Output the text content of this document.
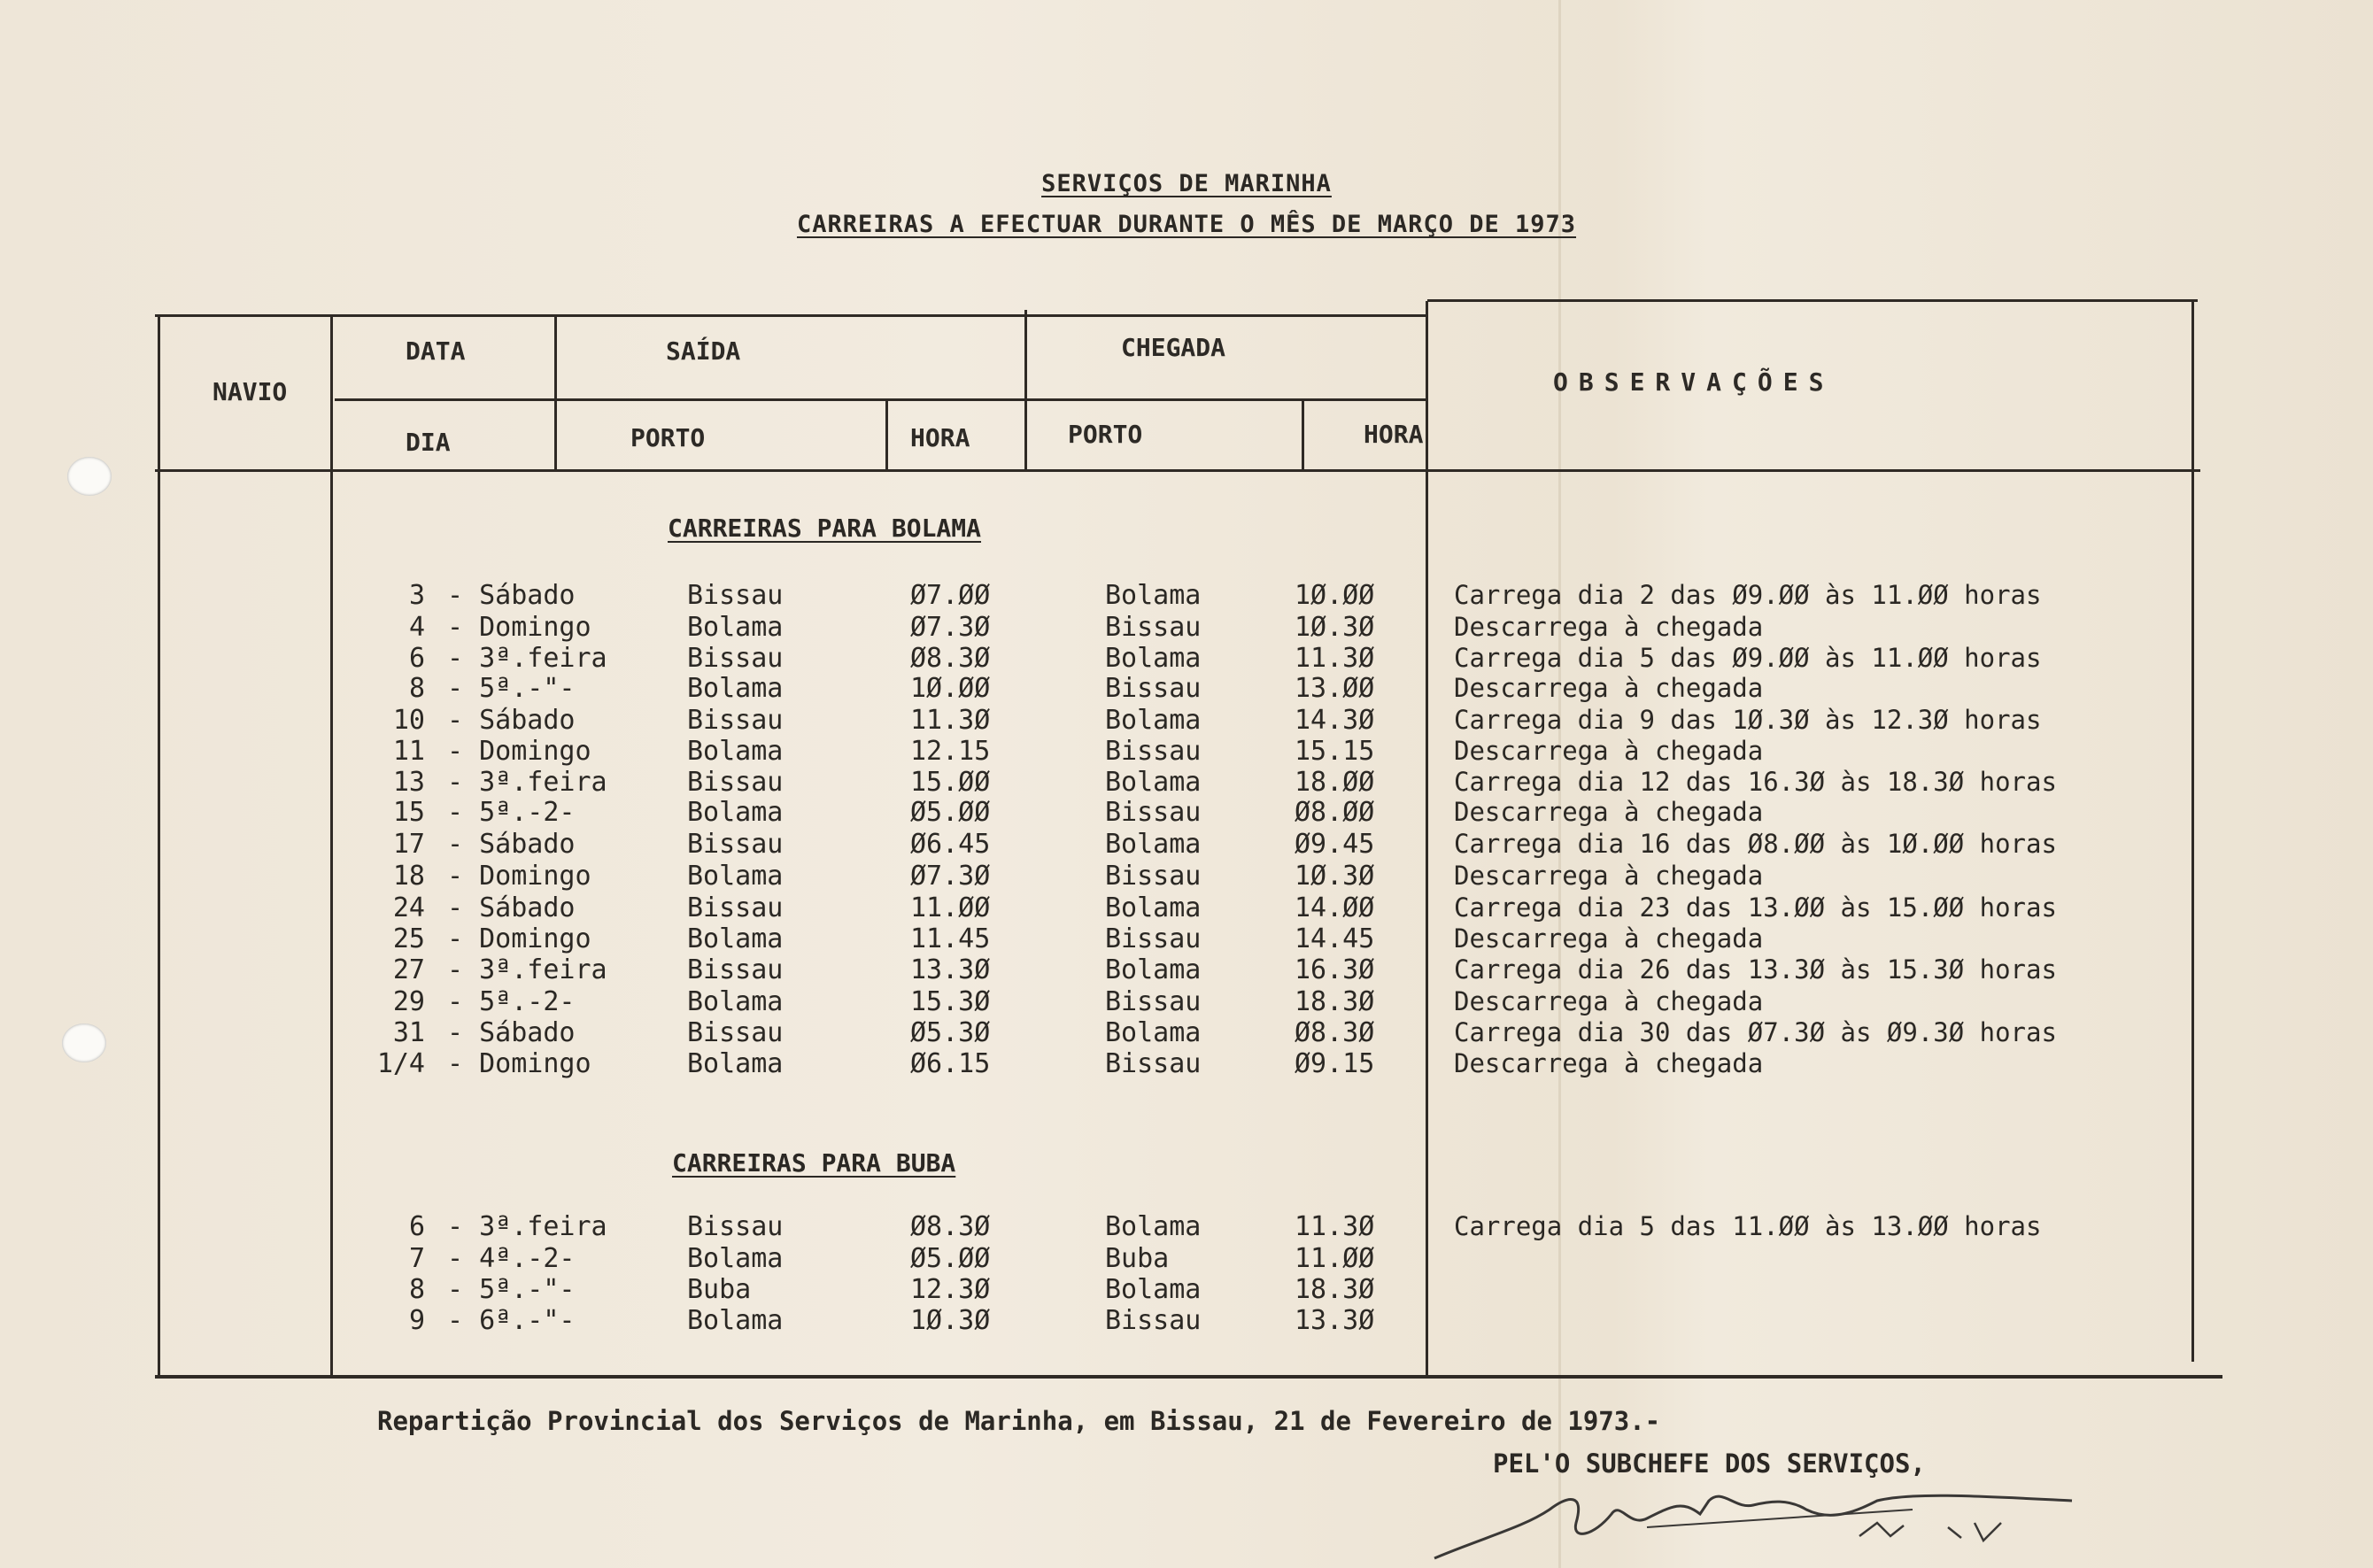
SERVIÇOS DE MARINHA
CARREIRAS A EFECTUAR DURANTE O MÊS DE MARÇO DE 1973
NAVIO
DATA
DIA
SAÍDA	CHEGADA
PORTO	HORA	PORTO	HORA
OBSERVAÇÕES
CARREIRAS PARA BOLAMA
CARREIRAS PARA BUBA
3 - Sábado	Bissau	Ø7.ØØ	Bolama	1Ø.ØØ	Carrega dia 2 das Ø9.ØØ às 11.ØØ horas
4 - Domingo	Bolama	Ø7.3Ø	Bissau	1Ø.3Ø	Descarrega à chegada
6 - 3ª.feira	Bissau	Ø8.3Ø	Bolama	11.3Ø	Carrega dia 5 das Ø9.ØØ às 11.ØØ horas
8 - 5ª.-"-	Bolama	1Ø.ØØ	Bissau	13.ØØ	Descarrega à chegada
10 - Sábado	Bissau	11.3Ø	Bolama	14.3Ø	Carrega dia 9 das 1Ø.3Ø às 12.3Ø horas
11 - Domingo	Bolama	12.15	Bissau	15.15	Descarrega à chegada
13 - 3ª.feira	Bissau	15.ØØ	Bolama	18.ØØ	Carrega dia 12 das 16.3Ø às 18.3Ø horas
15 - 5ª.-2-	Bolama	Ø5.ØØ	Bissau	Ø8.ØØ	Descarrega à chegada
17 - Sábado	Bissau	Ø6.45	Bolama	Ø9.45	Carrega dia 16 das Ø8.ØØ às 1Ø.ØØ horas
18 - Domingo	Bolama	Ø7.3Ø	Bissau	1Ø.3Ø	Descarrega à chegada
24 - Sábado	Bissau	11.ØØ	Bolama	14.ØØ	Carrega dia 23 das 13.ØØ às 15.ØØ horas
25 - Domingo	Bolama	11.45	Bissau	14.45	Descarrega à chegada
27 - 3ª.feira	Bissau	13.3Ø	Bolama	16.3Ø	Carrega dia 26 das 13.3Ø às 15.3Ø horas
29 - 5ª.-2-	Bolama	15.3Ø	Bissau	18.3Ø	Descarrega à chegada
31 - Sábado	Bissau	Ø5.3Ø	Bolama	Ø8.3Ø	Carrega dia 30 das Ø7.3Ø às Ø9.3Ø horas
1/4 - Domingo	Bolama	Ø6.15	Bissau	Ø9.15	Descarrega à chegada
6 - 3ª.feira	Bissau	Ø8.3Ø	Bolama	11.3Ø	Carrega dia 5 das 11.ØØ às 13.ØØ horas
7 - 4ª.-2-	Bolama	Ø5.ØØ	Buba	11.ØØ
8 - 5ª.-"-	Buba	12.3Ø	Bolama	18.3Ø
9 - 6ª.-"-	Bolama	1Ø.3Ø	Bissau	13.3Ø
Repartição Provincial dos Serviços de Marinha, em Bissau, 21 de Fevereiro de 1973.-
PEL'O SUBCHEFE DOS SERVIÇOS,
